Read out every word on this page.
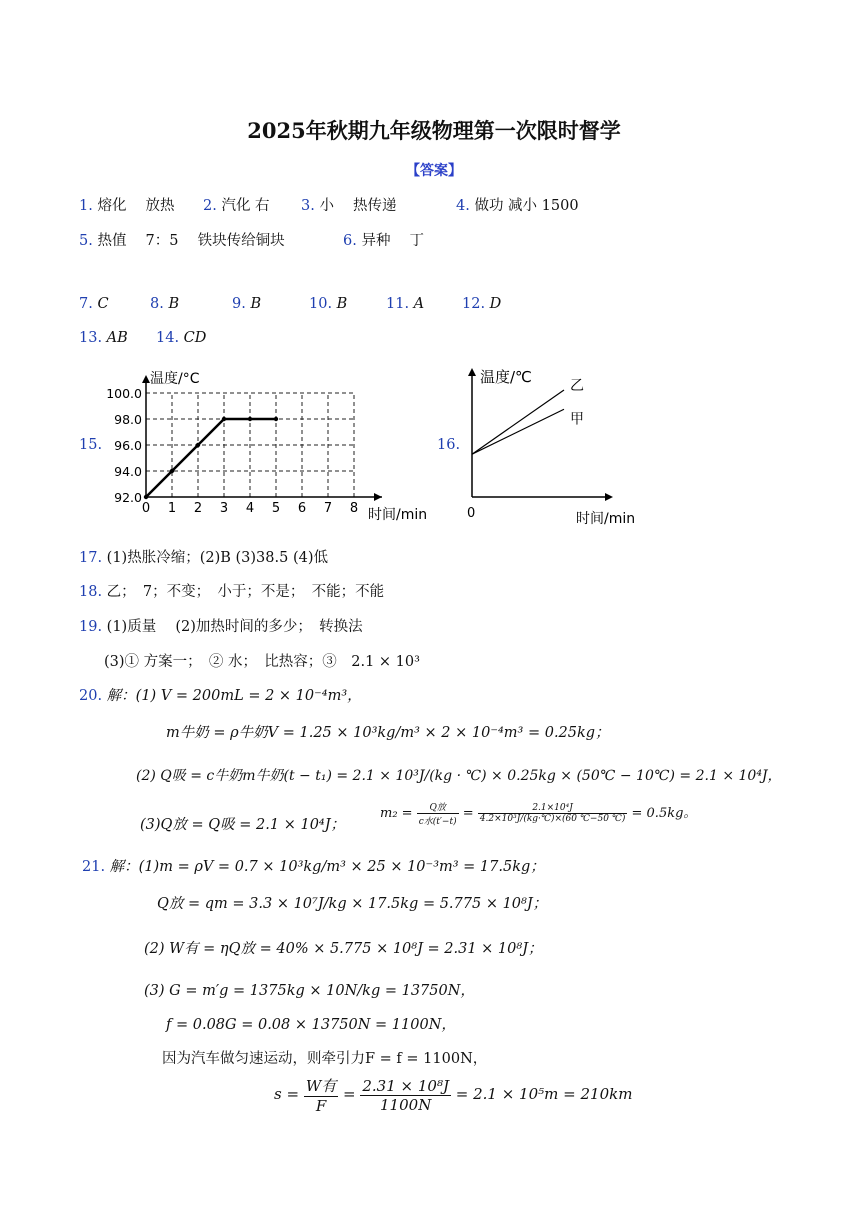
2025年秋期九年级物理第一次限时督学
【答案】
1. 熔化　 放热 2. 汽化 右 3. 小　 热传递	4. 做功 减小 1500
5. 热值　 7：5　 铁块传给铜块	6. 异种　 丁
7. C	8. B	9. B	10. B	11. A	12. D
13. AB 14. CD
15.
0 1 2 3 4 5 6 7 8
92.0
94.0
96.0
98.0
100.0
温度/°C
时间/min
16.
温度/℃
时间/min
0
乙
甲
17. (1)热胀冷缩；(2)B (3)38.5 (4)低
18. 乙；　7；不变；　小于；不是；　不能；不能
19. (1)质量　 (2)加热时间的多少；　转换法
(3)① 方案一；　② 水；　比热容；③　2.1 × 10³
20. 解：(1) V = 200mL = 2 × 10⁻⁴m³，
m牛奶 = ρ牛奶V = 1.25 × 10³kg/m³ × 2 × 10⁻⁴m³ = 0.25kg；
(2) Q吸 = c牛奶m牛奶(t − t₁) = 2.1 × 10³J/(kg · ℃) × 0.25kg × (50℃ − 10℃) = 2.1 × 10⁴J，
(3)Q放 = Q吸 = 2.1 × 10⁴J；
$m_2 = \frac{\text{Q放}}{\text{c水(t′−t)}} = \frac{\text{2.1×10⁴J}}{\text{4.2×10³J/(kg·℃)×(60 ℃−50 ℃)}} = 0.5kg$。
21. 解：(1)m = ρV = 0.7 × 10³kg/m³ × 25 × 10⁻³m³ = 17.5kg；
Q放 = qm = 3.3 × 10⁷J/kg × 17.5kg = 5.775 × 10⁸J；
(2) W有 = ηQ放 = 40% × 5.775 × 10⁸J = 2.31 × 10⁸J；
(3) G = m′g = 1375kg × 10N/kg = 13750N，
f = 0.08G = 0.08 × 13750N = 1100N，
因为汽车做匀速运动，则牵引力F = f = 1100N，
$s = \frac{\text{W有}}{F} = \frac{\text{2.31 × 10⁸J}}{1100N} = 2.1 \times 10^5m = 210km$
